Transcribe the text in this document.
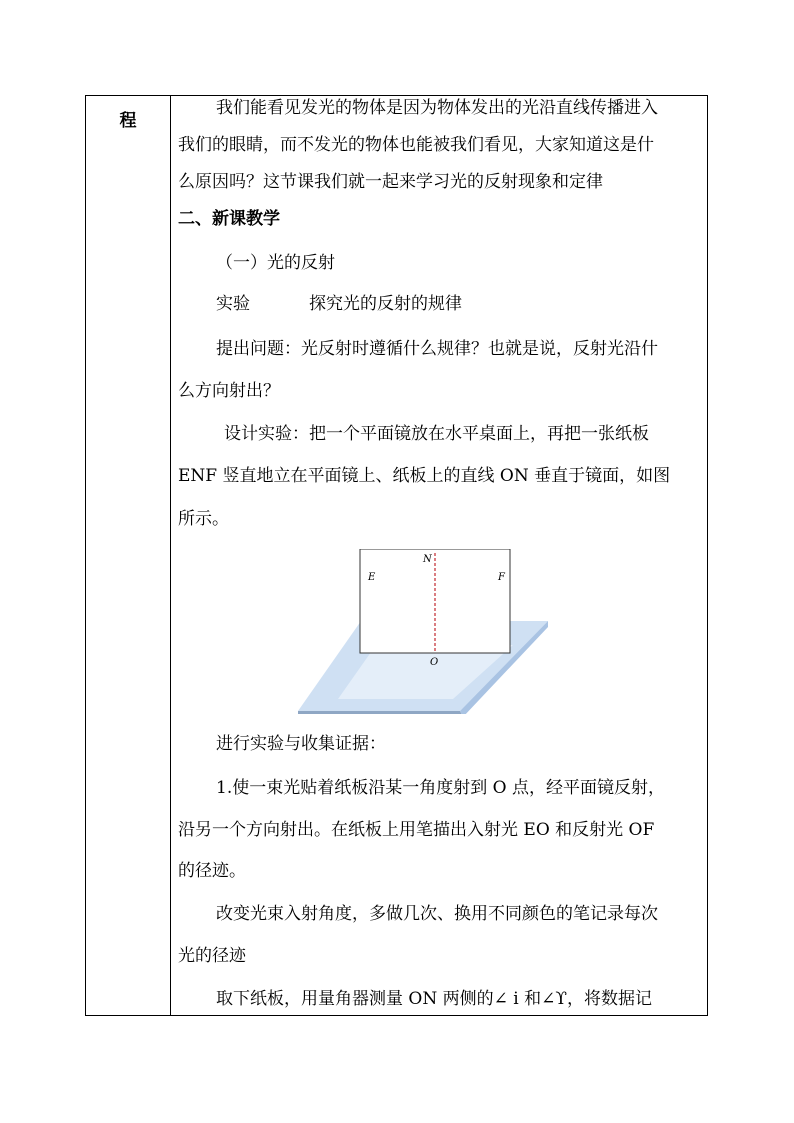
程
我们能看见发光的物体是因为物体发出的光沿直线传播进入
我们的眼睛，而不发光的物体也能被我们看见，大家知道这是什
么原因吗？这节课我们就一起来学习光的反射现象和定律
二、新课教学
（一）光的反射
实验	探究光的反射的规律
提出问题：光反射时遵循什么规律？也就是说，反射光沿什
么方向射出？
设计实验：把一个平面镜放在水平桌面上，再把一张纸板
ENF 竖直地立在平面镜上、纸板上的直线 ON 垂直于镜面，如图
所示。
E
N
F
O
进行实验与收集证据：
1.使一束光贴着纸板沿某一角度射到 O 点，经平面镜反射，
沿另一个方向射出。在纸板上用笔描出入射光 EO 和反射光 OF
的径迹。
改变光束入射角度，多做几次、换用不同颜色的笔记录每次
光的径迹
取下纸板，用量角器测量 ON 两侧的∠ i 和∠ϒ，将数据记
